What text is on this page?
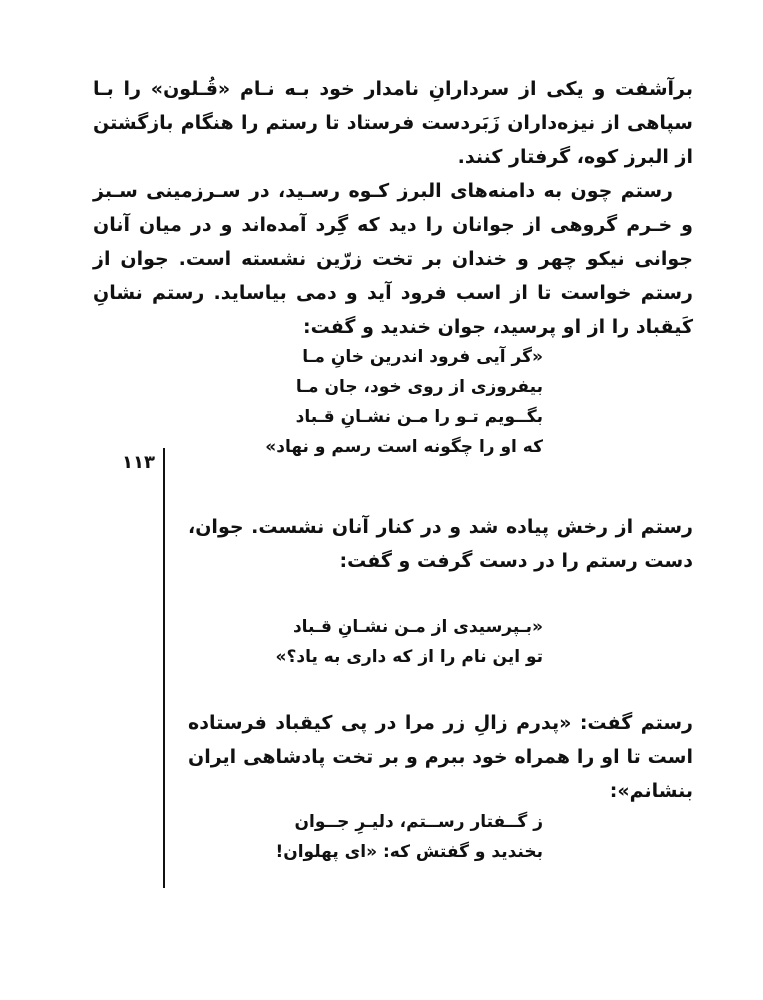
برآشفت و یکی از سردارانِ نامدار خود بـه نـام «قُـلون» را بـا سپاهی از نیزه‌داران زَبَردست فرستاد تا رستم را هنگام بازگشتن از البرز کوه، گرفتار کنند.

رستم چون به دامنه‌های البرز کـوه رسـید، در سـرزمینی سـبز و خـرم گروهی از جوانان را دید که گِرد آمده‌اند و در میان آنان جوانی نیکو چهر و خندان بر تخت زرّین نشسته است. جوان از رستم خواست تا از اسب فرود آید و دمی بیاساید. رستم نشانِ کَیقباد را از او پرسید، جوان خندید و گفت:

«گر آیی فرود اندرین خانِ مـا
بیفروزی از روی خود، جان مـا
بگــویم تـو را مـن نشـانِ قـباد
که او را چگونه است رسم و نهاد»
۱۱۳

رستم از رخش پیاده شد و در کنار آنان نشست. جوان، دست رستم را در دست گرفت و گفت:

«بـپرسیدی از مـن نشـانِ قـباد
تو این نام را از که داری به یاد؟»

رستم گفت: «پدرم زالِ زر مرا در پی کیقباد فرستاده است تا او را همراه خود ببرم و بر تخت پادشاهی ایران بنشانم»:

ز گــفتار رســتم، دلیـرِ جــوان
بخندید و گفتش که: «ای پهلوان!
